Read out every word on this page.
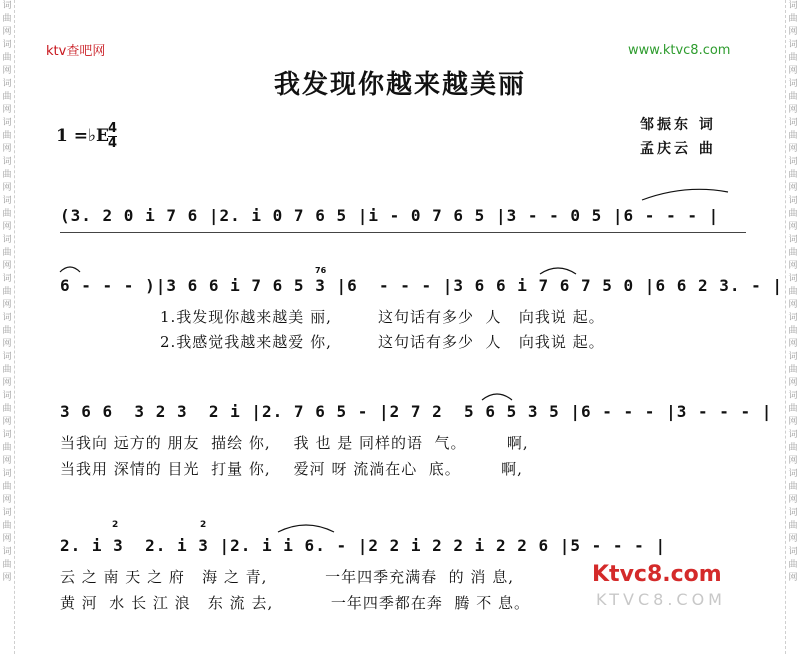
词曲网词曲网词曲网词曲网词曲网词曲网词曲网词曲网词曲网词曲网词曲网词曲网词曲网词曲网词曲网
词曲网词曲网词曲网词曲网词曲网词曲网词曲网词曲网词曲网词曲网词曲网词曲网词曲网词曲网词曲网
ktv查吧网	www.ktvc8.com
我发现你越来越美丽
1 =♭E 4
4
邹振东 词
孟庆云 曲
(3. 2 0 i 7 6 |2. i 0 7 6 5 |i - 0 7 6 5 |3 - - 0 5 |6 - - - |
76
6 - - - )|3 6 6 i 7 6 5 3 |6  - - - |3 6 6 i 7 6 7 5 0 |6 6 2 3. - |
1.我发现你越来越美 丽,        这句话有多少  人   向我说 起。
2.我感觉我越来越爱 你,        这句话有多少  人   向我说 起。
3 6 6  3 2 3  2 i |2. 7 6 5 - |2 7 2  5 6 5 3 5 |6 - - - |3 - - - |
当我向 远方的 朋友  描绘 你,    我 也 是 同样的语  气。       啊,
当我用 深情的 目光  打量 你,    爱河 呀 流淌在心  底。       啊,
2	2
2. i 3  2. i 3 |2. i i 6. - |2 2 i 2 2 i 2 2 6 |5 - - - |
云 之 南 天 之 府   海 之 青,          一年四季充满春  的 消 息,
黄 河  水 长 江 浪   东 流 去,          一年四季都在奔  腾 不 息。
Ktvc8.com
KTVC8.COM
